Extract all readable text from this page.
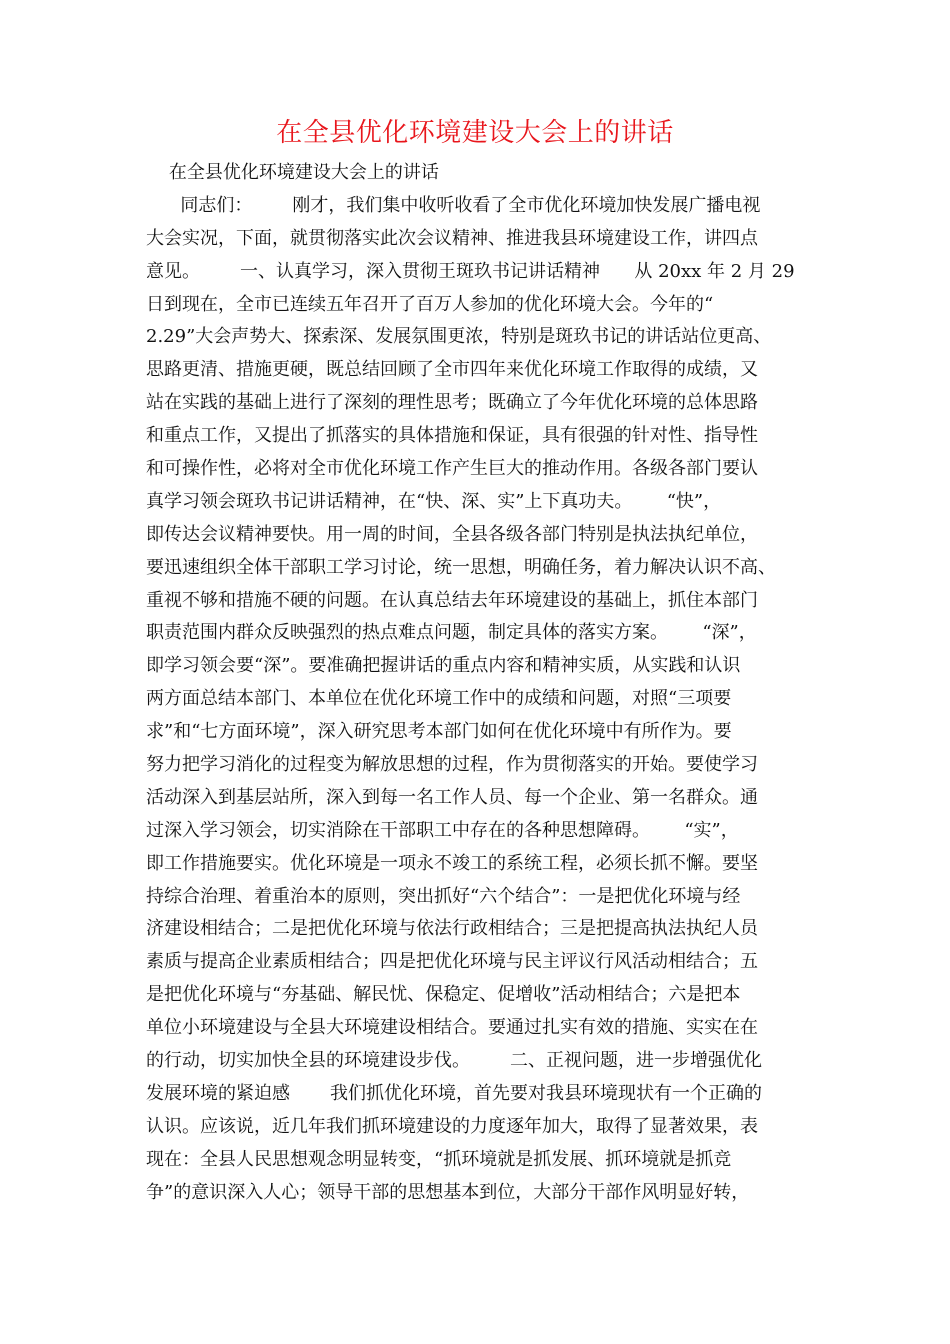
在全县优化环境建设大会上的讲话
在全县优化环境建设大会上的讲话
同志们：       刚才，我们集中收听收看了全市优化环境加快发展广播电视
大会实况，下面，就贯彻落实此次会议精神、推进我县环境建设工作，讲四点
意见。       一、认真学习，深入贯彻王斑玖书记讲话精神      从 20xx 年 2 月 29
日到现在，全市已连续五年召开了百万人参加的优化环境大会。今年的“
2.29”大会声势大、探索深、发展氛围更浓，特别是斑玖书记的讲话站位更高、
思路更清、措施更硬，既总结回顾了全市四年来优化环境工作取得的成绩，又
站在实践的基础上进行了深刻的理性思考；既确立了今年优化环境的总体思路
和重点工作，又提出了抓落实的具体措施和保证，具有很强的针对性、指导性
和可操作性，必将对全市优化环境工作产生巨大的推动作用。各级各部门要认
真学习领会斑玖书记讲话精神，在“快、深、实”上下真功夫。      “快”，
即传达会议精神要快。用一周的时间，全县各级各部门特别是执法执纪单位，
要迅速组织全体干部职工学习讨论，统一思想，明确任务，着力解决认识不高、
重视不够和措施不硬的问题。在认真总结去年环境建设的基础上，抓住本部门
职责范围内群众反映强烈的热点难点问题，制定具体的落实方案。      “深”，
即学习领会要“深”。要准确把握讲话的重点内容和精神实质，从实践和认识
两方面总结本部门、本单位在优化环境工作中的成绩和问题，对照“三项要
求”和“七方面环境”，深入研究思考本部门如何在优化环境中有所作为。要
努力把学习消化的过程变为解放思想的过程，作为贯彻落实的开始。要使学习
活动深入到基层站所，深入到每一名工作人员、每一个企业、第一名群众。通
过深入学习领会，切实消除在干部职工中存在的各种思想障碍。      “实”，
即工作措施要实。优化环境是一项永不竣工的系统工程，必须长抓不懈。要坚
持综合治理、着重治本的原则，突出抓好“六个结合”：一是把优化环境与经
济建设相结合；二是把优化环境与依法行政相结合；三是把提高执法执纪人员
素质与提高企业素质相结合；四是把优化环境与民主评议行风活动相结合；五
是把优化环境与“夯基础、解民忧、保稳定、促增收”活动相结合；六是把本
单位小环境建设与全县大环境建设相结合。要通过扎实有效的措施、实实在在
的行动，切实加快全县的环境建设步伐。       二、正视问题，进一步增强优化
发展环境的紧迫感       我们抓优化环境，首先要对我县环境现状有一个正确的
认识。应该说，近几年我们抓环境建设的力度逐年加大，取得了显著效果，表
现在：全县人民思想观念明显转变，“抓环境就是抓发展、抓环境就是抓竞
争”的意识深入人心；领导干部的思想基本到位，大部分干部作风明显好转，
